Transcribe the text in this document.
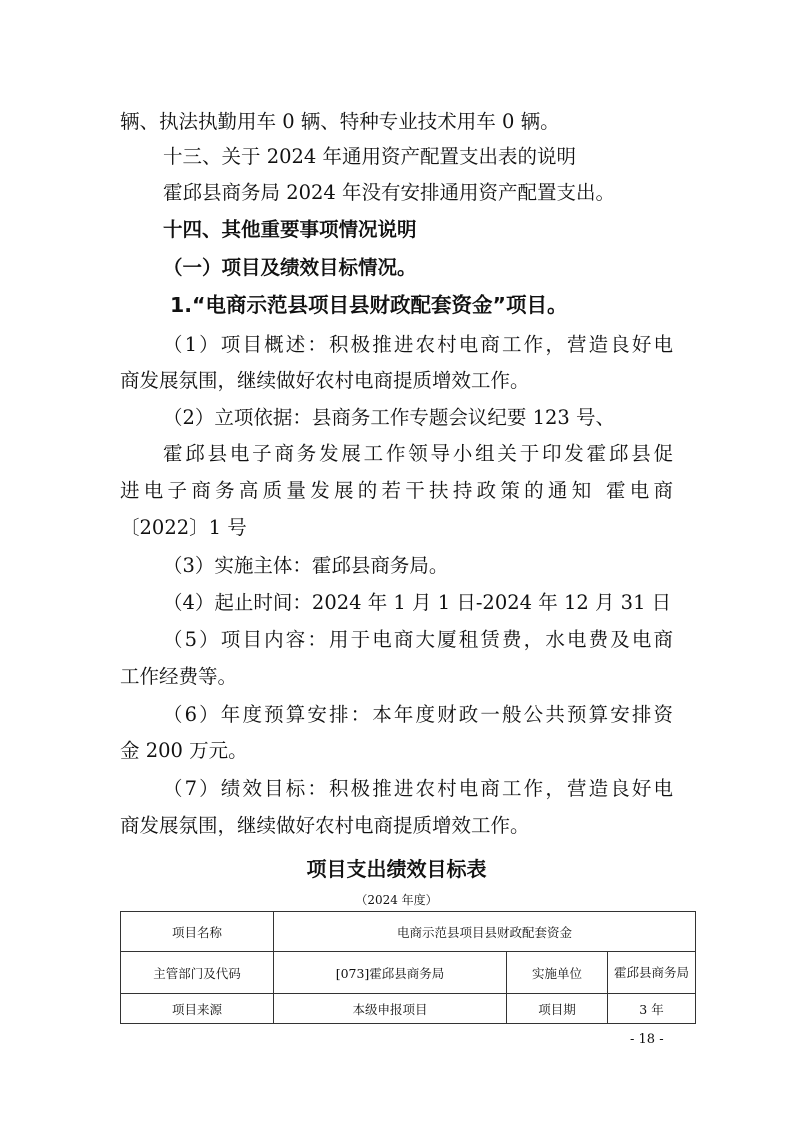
辆、执法执勤用车 0 辆、特种专业技术用车 0 辆。
十三、关于 2024 年通用资产配置支出表的说明
霍邱县商务局 2024 年没有安排通用资产配置支出。
十四、其他重要事项情况说明
（一）项目及绩效目标情况。
1.“电商示范县项目县财政配套资金”项目。
（1）项目概述：积极推进农村电商工作，营造良好电
商发展氛围，继续做好农村电商提质增效工作。
（2）立项依据：县商务工作专题会议纪要 123 号、
霍邱县电子商务发展工作领导小组关于印发霍邱县促
进电子商务高质量发展的若干扶持政策的通知 霍电商
〔2022〕1 号
（3）实施主体：霍邱县商务局。
（4）起止时间：2024 年 1 月 1 日-2024 年 12 月 31 日
（5）项目内容：用于电商大厦租赁费，水电费及电商
工作经费等。
（6）年度预算安排：本年度财政一般公共预算安排资
金 200 万元。
（7）绩效目标：积极推进农村电商工作，营造良好电
商发展氛围，继续做好农村电商提质增效工作。
项目支出绩效目标表
（2024 年度）
项目名称	电商示范县项目县财政配套资金		
主管部门及代码	[073]霍邱县商务局	实施单位	霍邱县商务局
项目来源	本级申报项目	项目期	3 年
- 18 -
